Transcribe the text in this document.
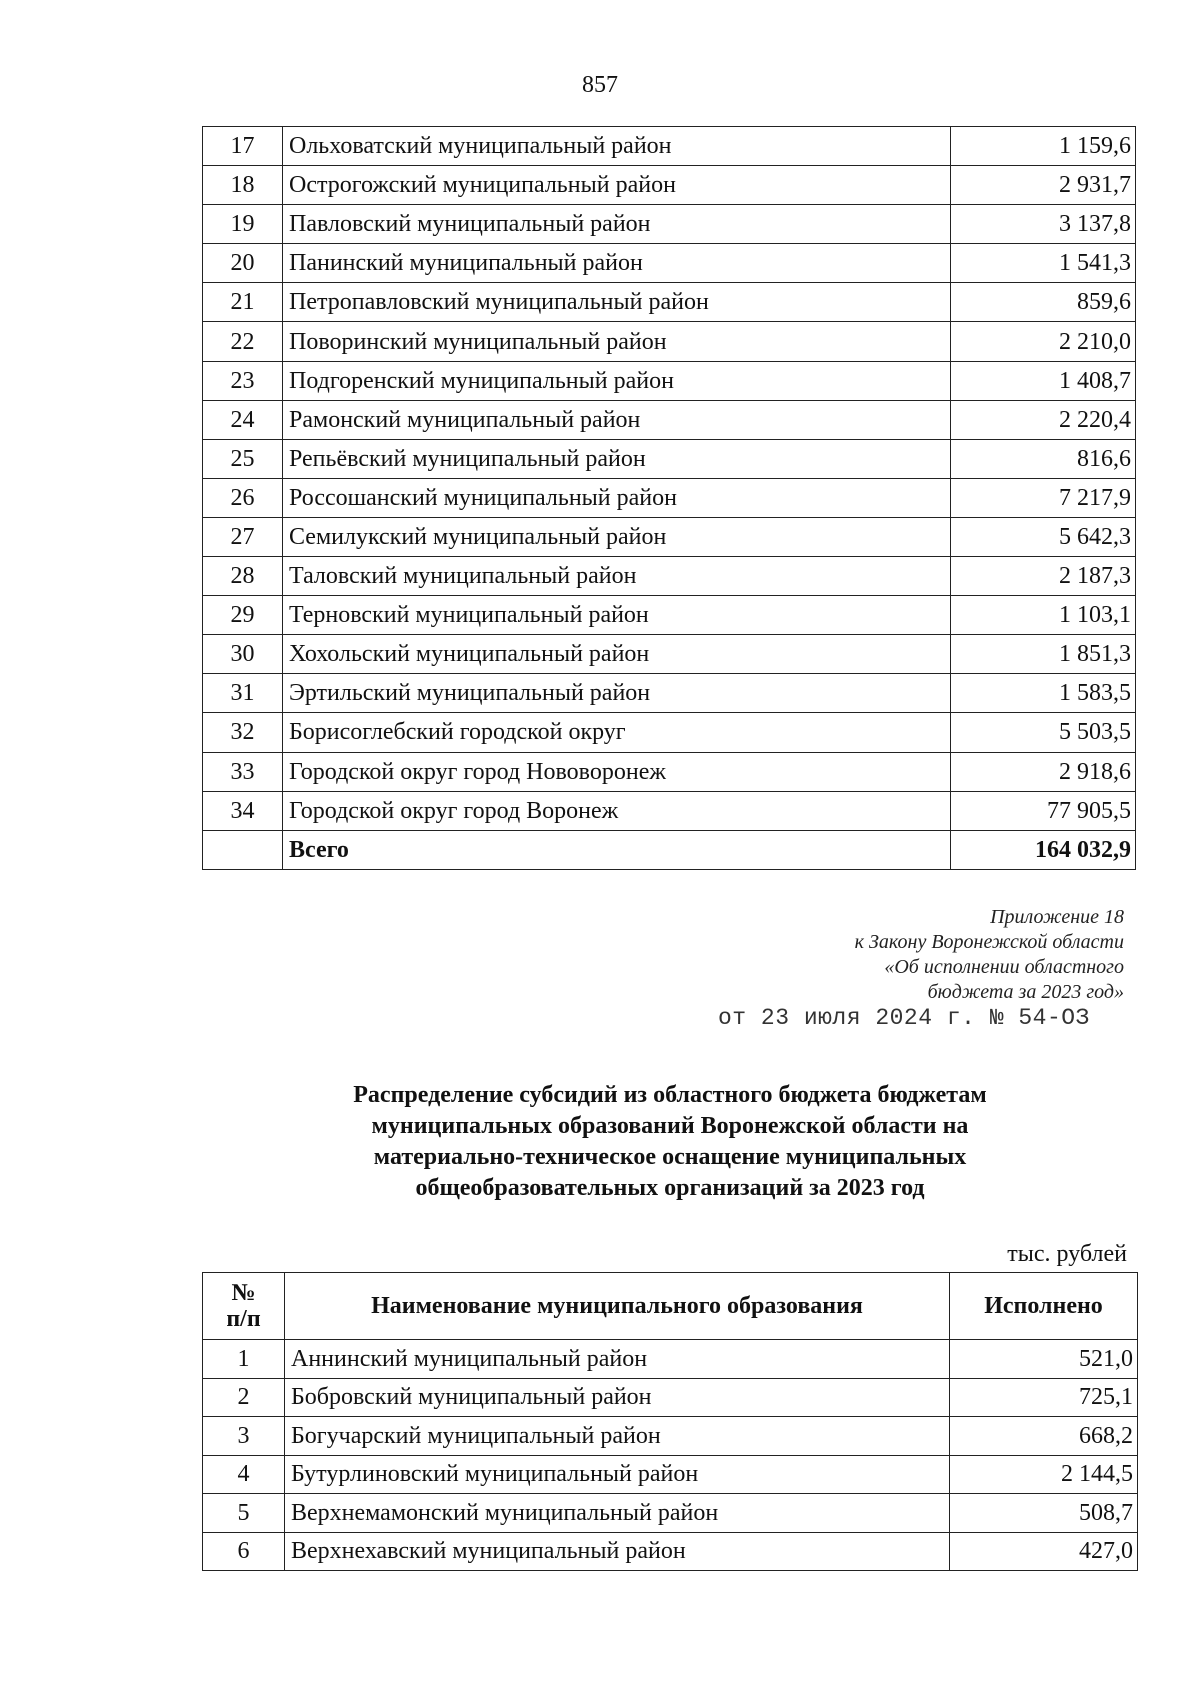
857
17	Ольховатский муниципальный район	1 159,6
18	Острогожский муниципальный район	2 931,7
19	Павловский муниципальный район	3 137,8
20	Панинский муниципальный район	1 541,3
21	Петропавловский муниципальный район	859,6
22	Поворинский муниципальный район	2 210,0
23	Подгоренский муниципальный район	1 408,7
24	Рамонский муниципальный район	2 220,4
25	Репьёвский муниципальный район	816,6
26	Россошанский муниципальный район	7 217,9
27	Семилукский муниципальный район	5 642,3
28	Таловский муниципальный район	2 187,3
29	Терновский муниципальный район	1 103,1
30	Хохольский муниципальный район	1 851,3
31	Эртильский муниципальный район	1 583,5
32	Борисоглебский городской округ	5 503,5
33	Городской округ город Нововоронеж	2 918,6
34	Городской округ город Воронеж	77 905,5
	Всего	164 032,9
Приложение 18
к Закону Воронежской области
«Об исполнении областного
бюджета за 2023 год»
от 23 июля 2024 г. № 54-ОЗ
Распределение субсидий из областного бюджета бюджетам
муниципальных образований Воронежской области на
материально-техническое оснащение муниципальных
общеобразовательных организаций за 2023 год
тыс. рублей
№
п/п	Наименование муниципального образования	Исполнено
1	Аннинский муниципальный район	521,0
2	Бобровский муниципальный район	725,1
3	Богучарский муниципальный район	668,2
4	Бутурлиновский муниципальный район	2 144,5
5	Верхнемамонский муниципальный район	508,7
6	Верхнехавский муниципальный район	427,0
